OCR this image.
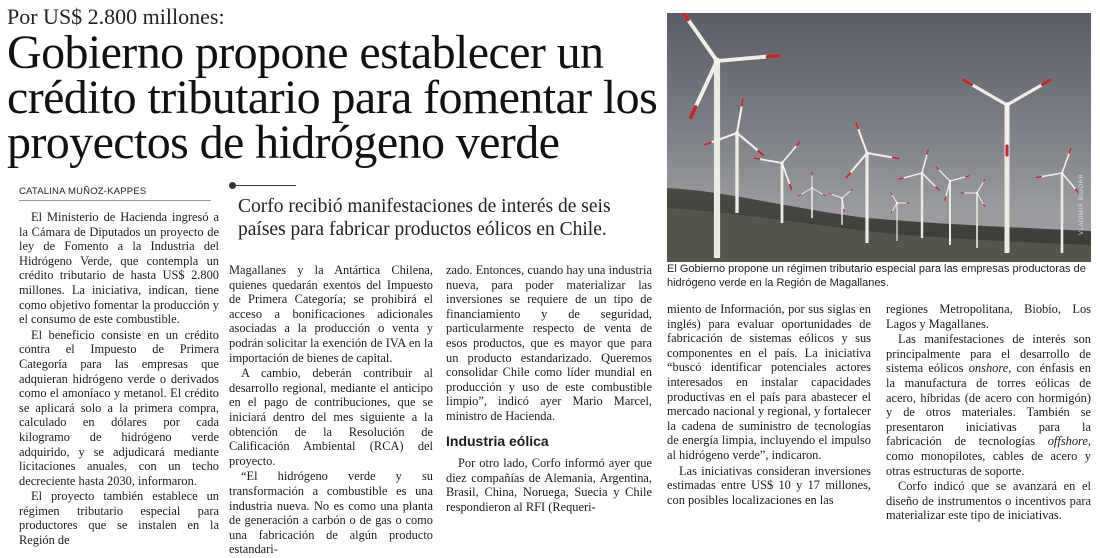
Por US$ 2.800 millones:
Gobierno propone establecer un
crédito tributario para fomentar los
proyectos de hidrógeno verde
CATALINA MUÑOZ-KAPPES
Corfo recibió manifestaciones de interés de seis
países para fabricar productos eólicos en Chile.	VLADIMIR BIGORR
El Gobierno propone un régimen tributario especial para las empresas productoras de hidrógeno verde en la Región de Magallanes.

El Ministerio de Hacienda ingresó a la Cámara de Diputados un proyecto de ley de Fomento a la Industria del Hidrógeno Verde, que contempla un crédito tributario de hasta US$ 2.800 millones. La iniciativa, indican, tiene como objetivo fomentar la producción y el consumo de este combustible.

El beneficio consiste en un crédito contra el Impuesto de Primera Categoría para las empresas que adquieran hidrógeno verde o derivados como el amoníaco y metanol. El crédito se aplicará solo a la primera compra, calculado en dólares por cada kilogramo de hidrógeno verde adquirido, y se adjudicará mediante licitaciones anuales, con un techo decreciente hasta 2030, informaron.

El proyecto también establece un régimen tributario especial para productores que se instalen en la Región de

Magallanes y la Antártica Chilena, quienes quedarán exentos del Impuesto de Primera Categoría; se prohibirá el acceso a bonificaciones adicionales asociadas a la producción o venta y podrán solicitar la exención de IVA en la importación de bienes de capital.

A cambio, deberán contribuir al desarrollo regional, mediante el anticipo en el pago de contribuciones, que se iniciará dentro del mes siguiente a la obtención de la Resolución de Calificación Ambiental (RCA) del proyecto.

“El hidrógeno verde y su transformación a combustible es una industria nueva. No es como una planta de generación a carbón o de gas o como una fabricación de algún producto estandari-

zado. Entonces, cuando hay una industria nueva, para poder materializar las inversiones se requiere de un tipo de financiamiento y de seguridad, particularmente respecto de venta de esos productos, que es mayor que para un producto estandarizado. Queremos consolidar Chile como líder mundial en producción y uso de este combustible limpio”, indicó ayer Mario Marcel, ministro de Hacienda.

Industria eólica

Por otro lado, Corfo informó ayer que diez compañías de Alemania, Argentina, Brasil, China, Noruega, Suecia y Chile respondieron al RFI (Requeri-

miento de Información, por sus siglas en inglés) para evaluar oportunidades de fabricación de sistemas eólicos y sus componentes en el país. La iniciativa “buscó identificar potenciales actores interesados en instalar capacidades productivas en el país para abastecer el mercado nacional y regional, y fortalecer la cadena de suministro de tecnologías de energía limpia, incluyendo el impulso al hidrógeno verde”, indicaron.

Las iniciativas consideran inversiones estimadas entre US$ 10 y 17 millones, con posibles localizaciones en las

regiones Metropolitana, Biobío, Los Lagos y Magallanes.

Las manifestaciones de interés son principalmente para el desarrollo de sistema eólicos onshore, con énfasis en la manufactura de torres eólicas de acero, híbridas (de acero con hormigón) y de otros materiales. También se presentaron iniciativas para la fabricación de tecnologías offshore, como monopilotes, cables de acero y otras estructuras de soporte.

Corfo indicó que se avanzará en el diseño de instrumentos o incentivos para materializar este tipo de iniciativas.
